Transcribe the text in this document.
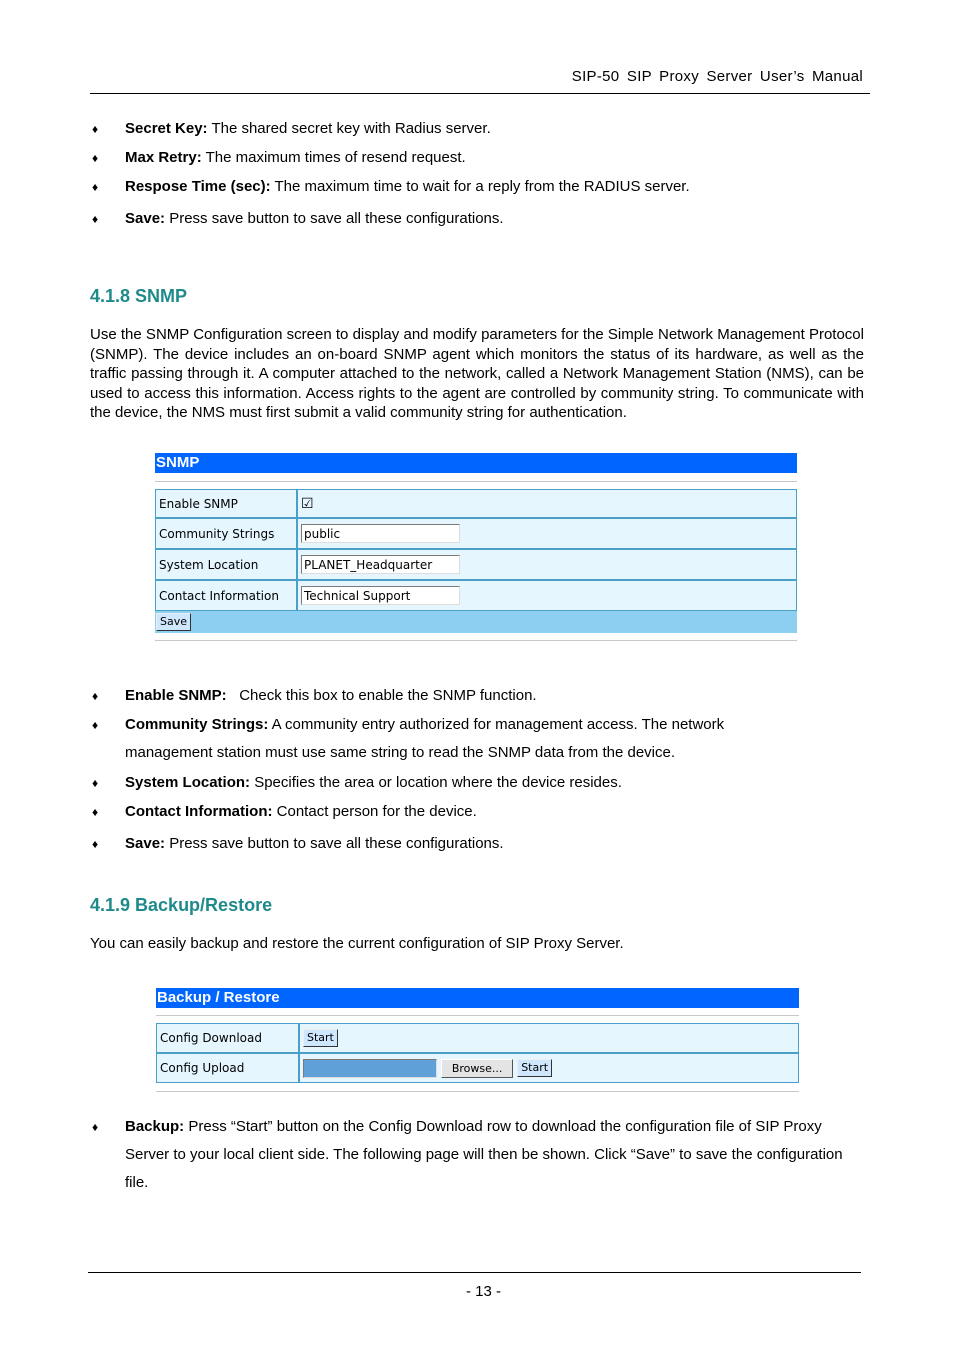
SIP-50 SIP Proxy Server User’s Manual
♦ Secret Key: The shared secret key with Radius server.
♦ Max Retry: The maximum times of resend request.
♦ Respose Time (sec): The maximum time to wait for a reply from the RADIUS server.
♦ Save: Press save button to save all these configurations.
4.1.8 SNMP
Use the SNMP Configuration screen to display and modify parameters for the Simple Network Management Protocol (SNMP). The device includes an on-board SNMP agent which monitors the status of its hardware, as well as the traffic passing through it. A computer attached to the network, called a Network Management Station (NMS), can be used to access this information. Access rights to the agent are controlled by community string. To communicate with the device, the NMS must first submit a valid community string for authentication.
SNMP
Enable SNMP	☑
Community Strings	public
System Location	PLANET_Headquarter
Contact Information	Technical Support
Save
♦ Enable SNMP:   Check this box to enable the SNMP function.
♦ Community Strings: A community entry authorized for management access. The network management station must use same string to read the SNMP data from the device.
♦ System Location: Specifies the area or location where the device resides.
♦ Contact Information: Contact person for the device.
♦ Save: Press save button to save all these configurations.
4.1.9 Backup/Restore
You can easily backup and restore the current configuration of SIP Proxy Server.
Backup / Restore
Config Download	Start
Config Upload	Browse... Start
♦ Backup: Press “Start” button on the Config Download row to download the configuration file of SIP Proxy Server to your local client side. The following page will then be shown. Click “Save” to save the configuration file.
- 13 -
